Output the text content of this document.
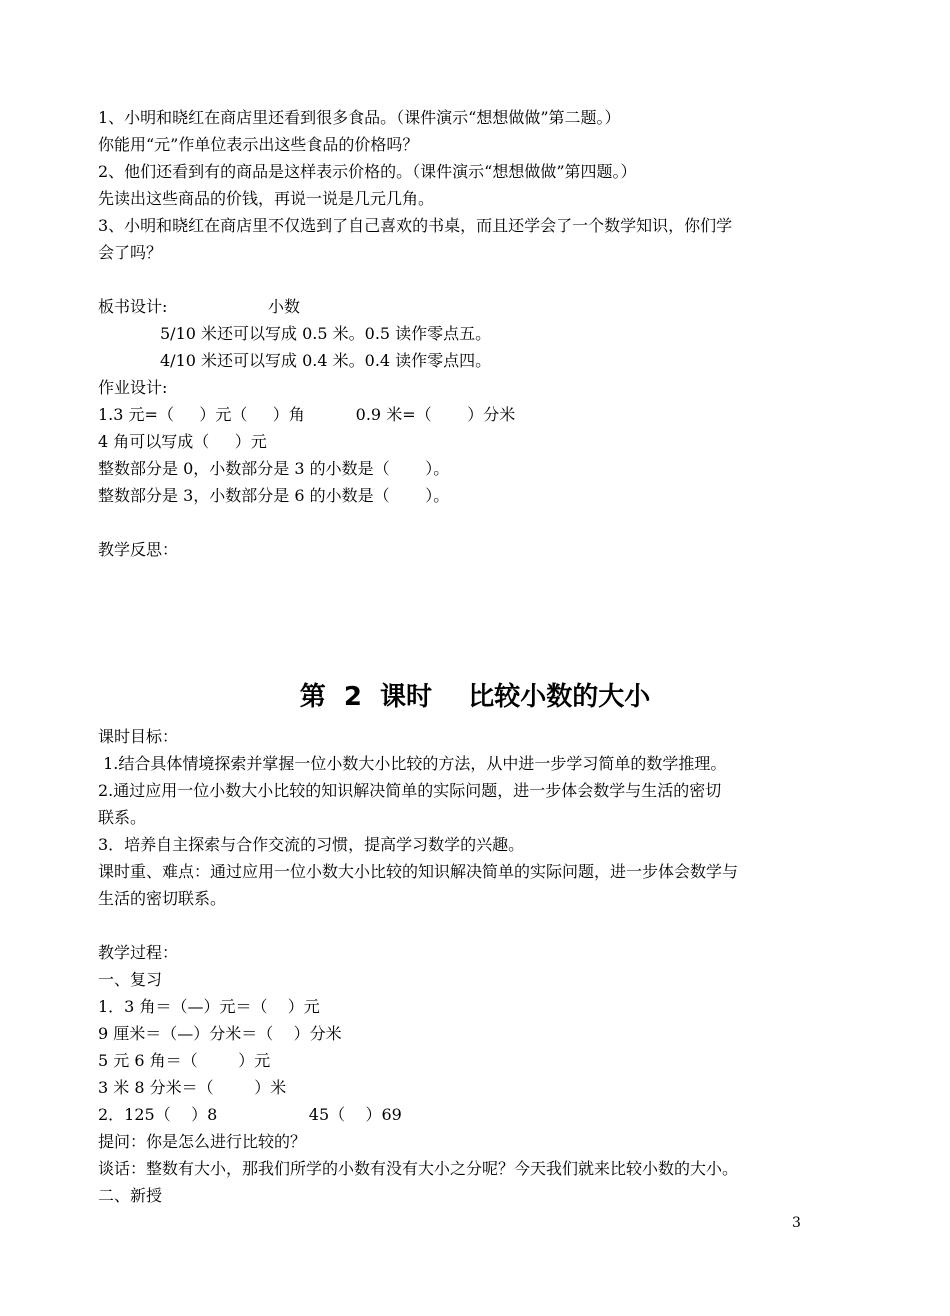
1、小明和晓红在商店里还看到很多食品。（课件演示“想想做做”第二题。）
你能用“元”作单位表示出这些食品的价格吗？
2、他们还看到有的商品是这样表示价格的。（课件演示“想想做做”第四题。）
先读出这些商品的价钱，再说一说是几元几角。
3、小明和晓红在商店里不仅选到了自己喜欢的书桌，而且还学会了一个数学知识，你们学
会了吗？
板书设计:	小数
5/10 米还可以写成 0.5 米。0.5 读作零点五。
4/10 米还可以写成 0.4 米。0.4 读作零点四。
作业设计:
1.3 元=（     ）元（     ）角          0.9 米=（       ）分米
4 角可以写成（     ）元
整数部分是 0，小数部分是 3 的小数是（       ）。
整数部分是 3，小数部分是 6 的小数是（       ）。
教学反思：
第  2  课时    比较小数的大小
课时目标：
1.结合具体情境探索并掌握一位小数大小比较的方法，从中进一步学习简单的数学推理。
2.通过应用一位小数大小比较的知识解决简单的实际问题，进一步体会数学与生活的密切
联系。
3．培养自主探索与合作交流的习惯，提高学习数学的兴趣。
课时重、难点：通过应用一位小数大小比较的知识解决简单的实际问题，进一步体会数学与
生活的密切联系。
教学过程：
一、复习
1．3 角＝（—）元＝（    ）元
9 厘米＝（—）分米＝（    ）分米
5 元 6 角＝（        ）元
3 米 8 分米＝（        ）米
2．125（    ）8                  45（    ）69
提问：你是怎么进行比较的？
谈话：整数有大小，那我们所学的小数有没有大小之分呢？今天我们就来比较小数的大小。
二、新授
3
